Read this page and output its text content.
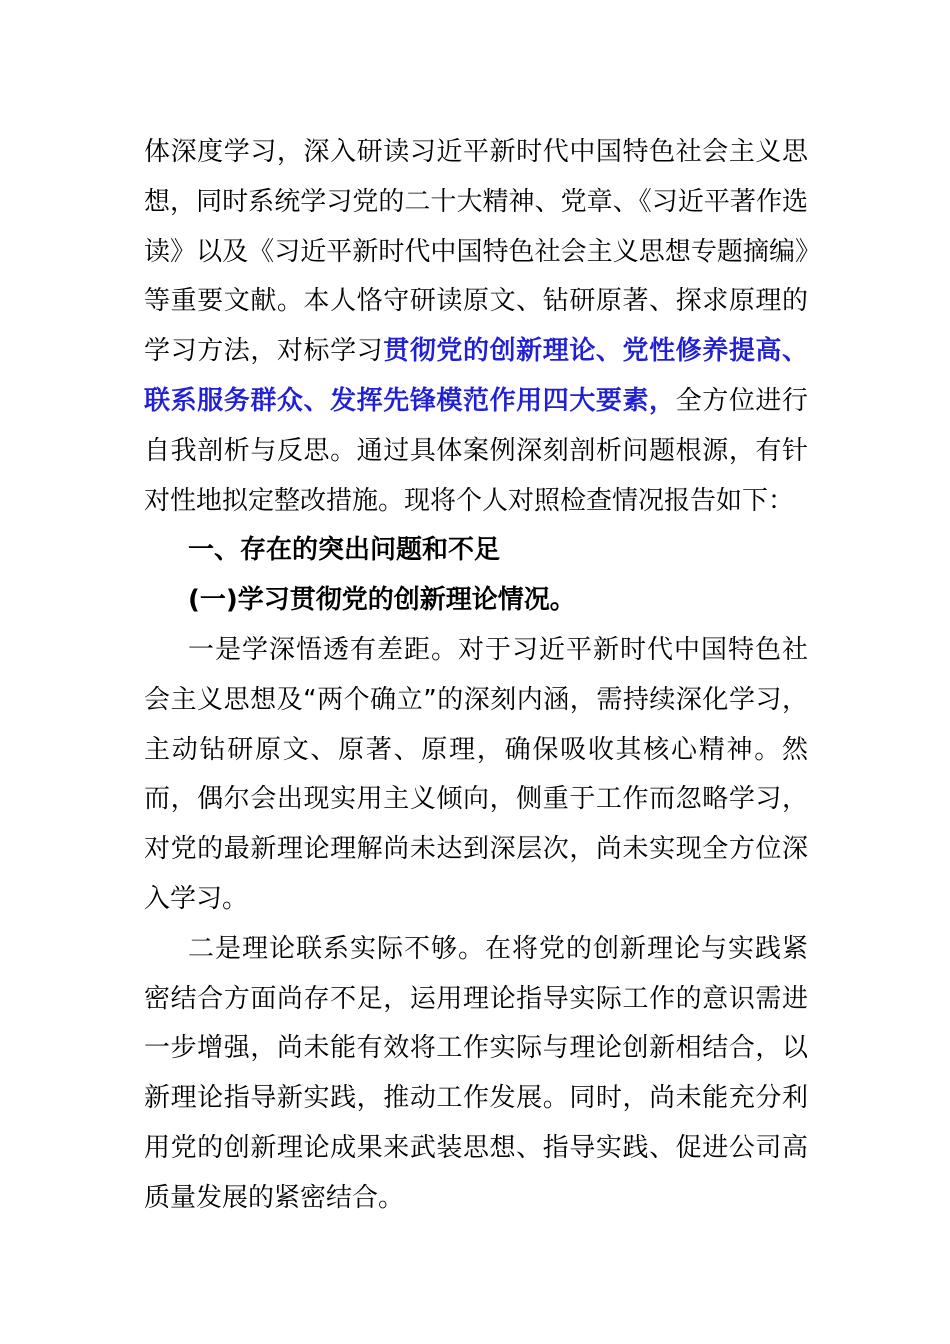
体深度学习，深入研读习近平新时代中国特色社会主义思想，同时系统学习党的二十大精神、党章、《习近平著作选读》以及《习近平新时代中国特色社会主义思想专题摘编》等重要文献。本人恪守研读原文、钻研原著、探求原理的学习方法，对标学习贯彻党的创新理论、党性修养提高、联系服务群众、发挥先锋模范作用四大要素，全方位进行自我剖析与反思。通过具体案例深刻剖析问题根源，有针对性地拟定整改措施。现将个人对照检查情况报告如下：

一、存在的突出问题和不足

(一)学习贯彻党的创新理论情况。

一是学深悟透有差距。对于习近平新时代中国特色社会主义思想及“两个确立”的深刻内涵，需持续深化学习，主动钻研原文、原著、原理，确保吸收其核心精神。然而，偶尔会出现实用主义倾向，侧重于工作而忽略学习，对党的最新理论理解尚未达到深层次，尚未实现全方位深入学习。

二是理论联系实际不够。在将党的创新理论与实践紧密结合方面尚存不足，运用理论指导实际工作的意识需进一步增强，尚未能有效将工作实际与理论创新相结合，以新理论指导新实践，推动工作发展。同时，尚未能充分利用党的创新理论成果来武装思想、指导实践、促进公司高质量发展的紧密结合。
